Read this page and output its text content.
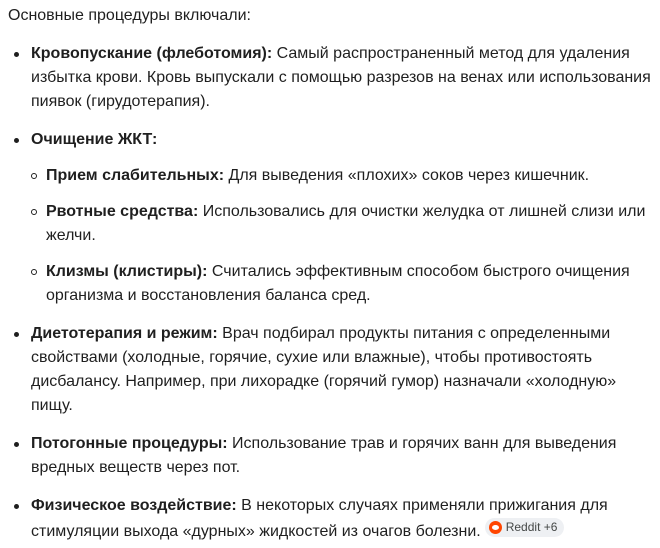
Основные процедуры включали:

Кровопускание (флеботомия): Самый распространенный метод для удаления избытка крови. Кровь выпускали с помощью разрезов на венах или использования пиявок (гирудотерапия).
Очищение ЖКТ:
Прием слабительных: Для выведения «плохих» соков через кишечник.
Рвотные средства: Использовались для очистки желудка от лишней слизи или желчи.
Клизмы (клистиры): Считались эффективным способом быстрого очищения организма и восстановления баланса сред.
Диетотерапия и режим: Врач подбирал продукты питания с определенными свойствами (холодные, горячие, сухие или влажные), чтобы противостоять дисбалансу. Например, при лихорадке (горячий гумор) назначали «холодную» пищу.
Потогонные процедуры: Использование трав и горячих ванн для выведения вредных веществ через пот.
Физическое воздействие: В некоторых случаях применяли прижигания для стимуляции выхода «дурных» жидкостей из очагов болезни. Reddit +6
